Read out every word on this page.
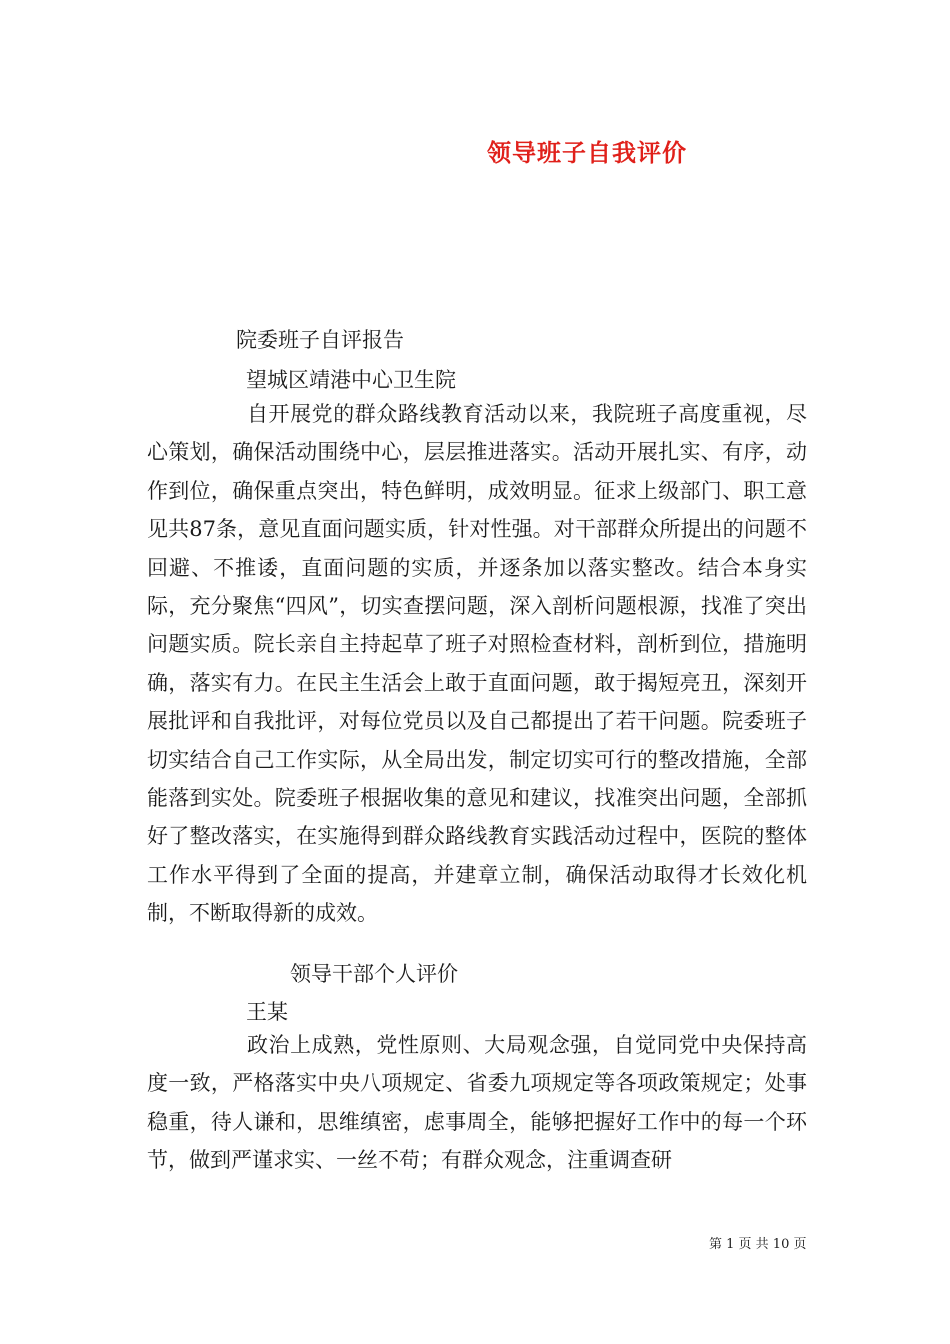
领导班子自我评价
院委班子自评报告
望城区靖港中心卫生院

自开展党的群众路线教育活动以来，我院班子高度重视，尽心策划，确保活动围绕中心，层层推进落实。活动开展扎实、有序，动作到位，确保重点突出，特色鲜明，成效明显。征求上级部门、职工意见共87条，意见直面问题实质，针对性强。对干部群众所提出的问题不回避、不推诿，直面问题的实质，并逐条加以落实整改。结合本身实际，充分聚焦“四风”，切实查摆问题，深入剖析问题根源，找准了突出问题实质。院长亲自主持起草了班子对照检查材料，剖析到位，措施明确，落实有力。在民主生活会上敢于直面问题，敢于揭短亮丑，深刻开展批评和自我批评，对每位党员以及自己都提出了若干问题。院委班子切实结合自己工作实际，从全局出发，制定切实可行的整改措施，全部能落到实处。院委班子根据收集的意见和建议，找准突出问题，全部抓好了整改落实，在实施得到群众路线教育实践活动过程中，医院的整体工作水平得到了全面的提高，并建章立制，确保活动取得才长效化机制，不断取得新的成效。

领导干部个人评价
王某

政治上成熟，党性原则、大局观念强，自觉同党中央保持高度一致，严格落实中央八项规定、省委九项规定等各项政策规定；处事稳重，待人谦和，思维缜密，虑事周全，能够把握好工作中的每一个环节，做到严谨求实、一丝不苟；有群众观念，注重调查研

第 1 页 共 10 页
